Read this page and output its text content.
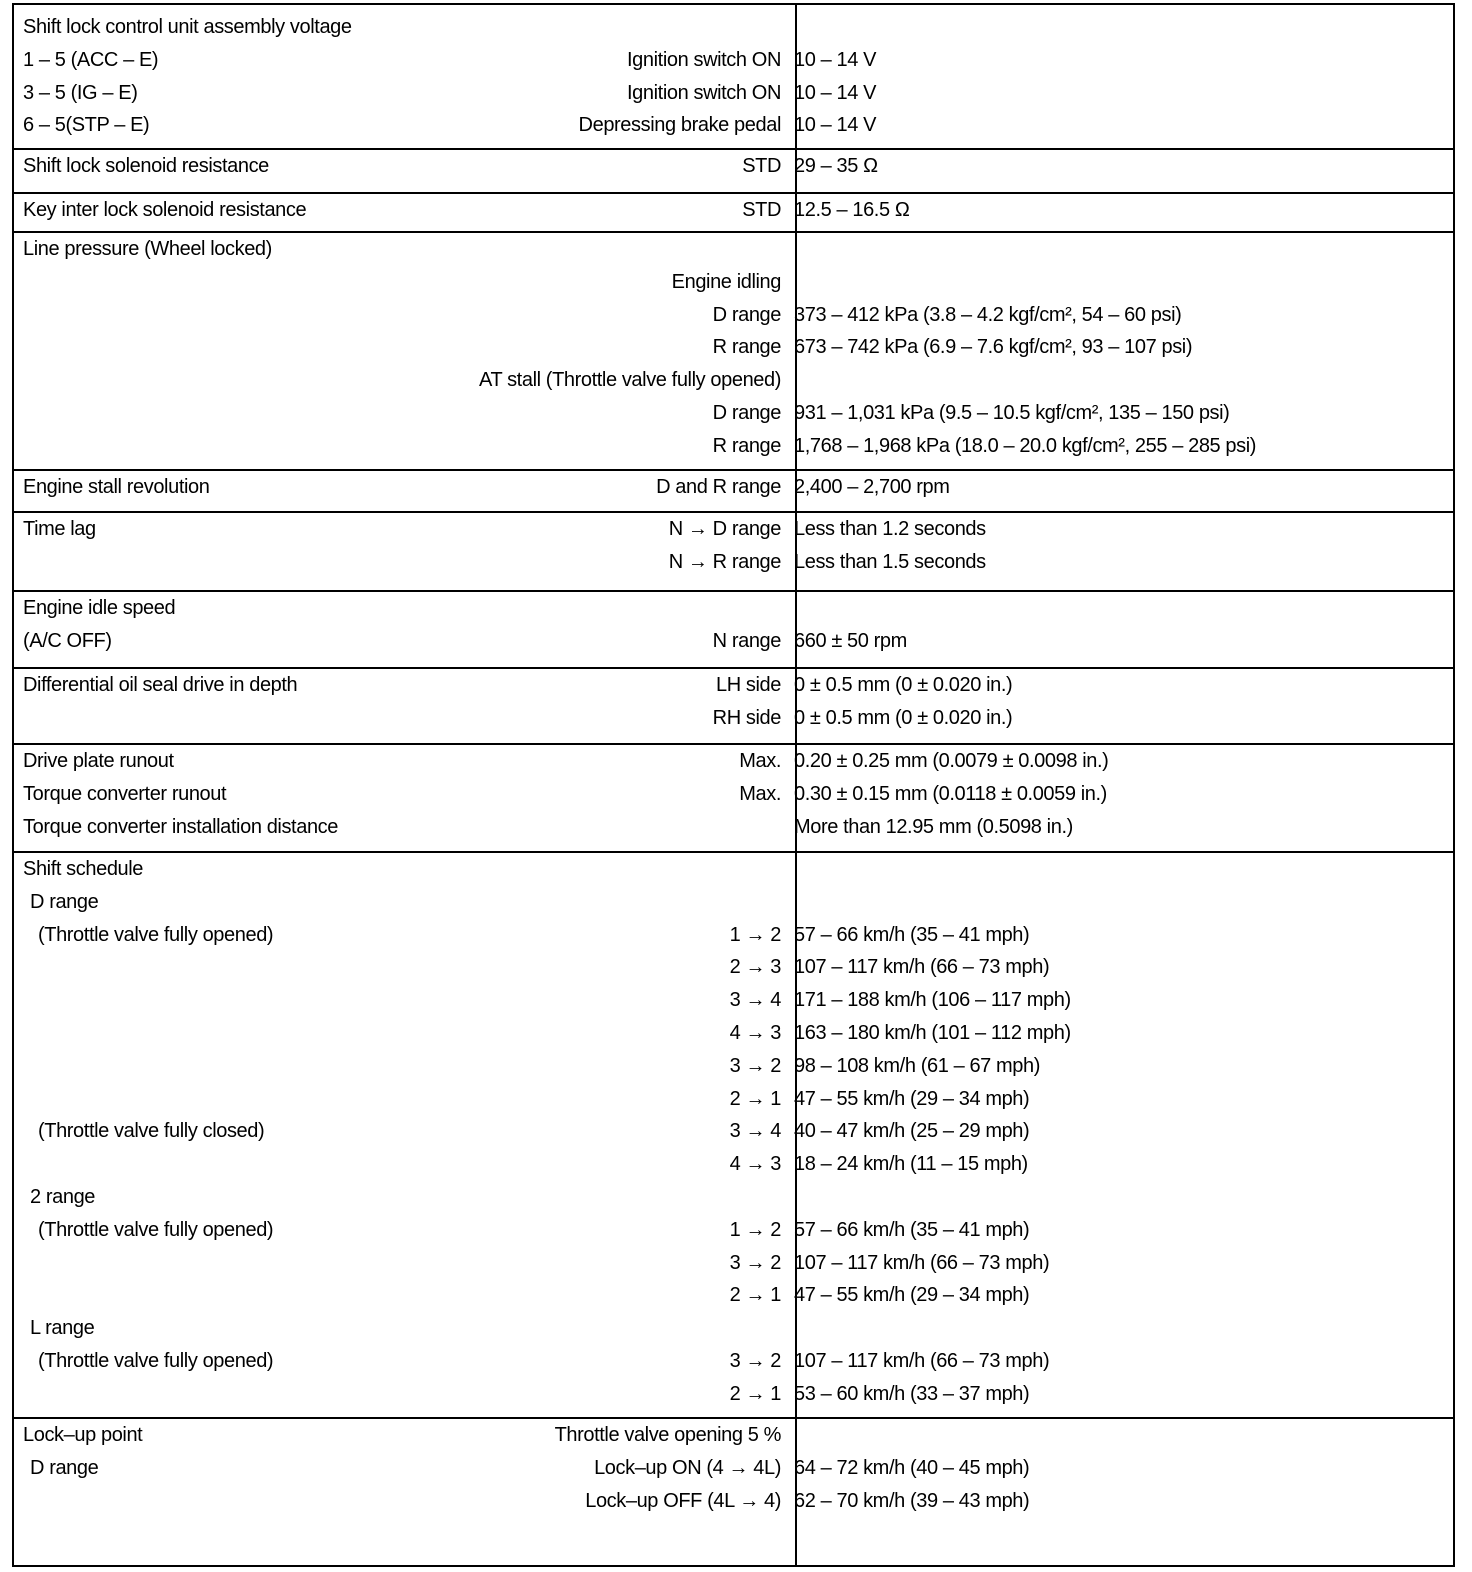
Shift lock control unit assembly voltage
1 – 5 (ACC – E)	Ignition switch ON 10 – 14 V
3 – 5 (IG – E)	Ignition switch ON 10 – 14 V
6 – 5(STP – E)	Depressing brake pedal 10 – 14 V
Shift lock solenoid resistance	STD 29 – 35 Ω
Key inter lock solenoid resistance	STD 12.5 – 16.5 Ω
Line pressure (Wheel locked)
Engine idling
D range 373 – 412 kPa (3.8 – 4.2 kgf/cm², 54 – 60 psi)
R range 673 – 742 kPa (6.9 – 7.6 kgf/cm², 93 – 107 psi)
AT stall (Throttle valve fully opened)
D range 931 – 1,031 kPa (9.5 – 10.5 kgf/cm², 135 – 150 psi)
R range 1,768 – 1,968 kPa (18.0 – 20.0 kgf/cm², 255 – 285 psi)
Engine stall revolution	D and R range 2,400 – 2,700 rpm
Time lag	N → D range Less than 1.2 seconds
N → R range Less than 1.5 seconds
Engine idle speed
(A/C OFF)	N range 660 ± 50 rpm
Differential oil seal drive in depth	LH side 0 ± 0.5 mm (0 ± 0.020 in.)
RH side 0 ± 0.5 mm (0 ± 0.020 in.)
Drive plate runout	Max. 0.20 ± 0.25 mm (0.0079 ± 0.0098 in.)
Torque converter runout	Max. 0.30 ± 0.15 mm (0.0118 ± 0.0059 in.)
Torque converter installation distance	More than 12.95 mm (0.5098 in.)
Shift schedule
D range
(Throttle valve fully opened)	1 → 2 57 – 66 km/h (35 – 41 mph)
2 → 3 107 – 117 km/h (66 – 73 mph)
3 → 4 171 – 188 km/h (106 – 117 mph)
4 → 3 163 – 180 km/h (101 – 112 mph)
3 → 2 98 – 108 km/h (61 – 67 mph)
2 → 1 47 – 55 km/h (29 – 34 mph)
(Throttle valve fully closed)	3 → 4 40 – 47 km/h (25 – 29 mph)
4 → 3 18 – 24 km/h (11 – 15 mph)
2 range
(Throttle valve fully opened)	1 → 2 57 – 66 km/h (35 – 41 mph)
3 → 2 107 – 117 km/h (66 – 73 mph)
2 → 1 47 – 55 km/h (29 – 34 mph)
L range
(Throttle valve fully opened)	3 → 2 107 – 117 km/h (66 – 73 mph)
2 → 1 53 – 60 km/h (33 – 37 mph)
Lock–up point	Throttle valve opening 5 %
D range	Lock–up ON (4 → 4L) 64 – 72 km/h (40 – 45 mph)
Lock–up OFF (4L → 4) 62 – 70 km/h (39 – 43 mph)
